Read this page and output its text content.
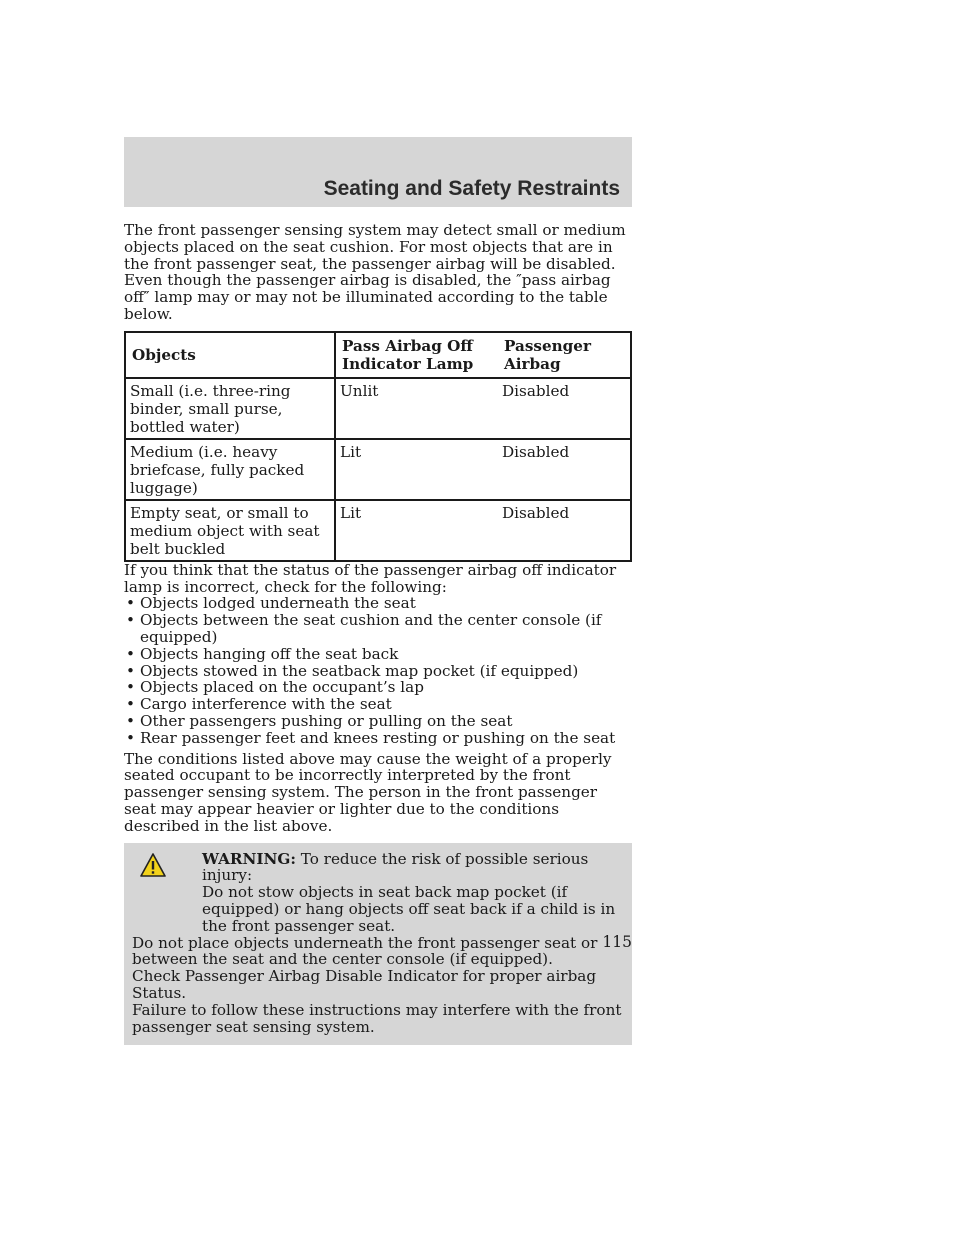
Seating and Safety Restraints

The front passenger sensing system may detect small or medium objects placed on the seat cushion. For most objects that are in the front passenger seat, the passenger airbag will be disabled. Even though the passenger airbag is disabled, the ″pass airbag off″ lamp may or may not be illuminated according to the table below.

Objects	Pass Airbag Off Indicator Lamp	Passenger Airbag
Small (i.e. three-ring binder, small purse, bottled water)	Unlit	Disabled
Medium (i.e. heavy briefcase, fully packed luggage)	Lit	Disabled
Empty seat, or small to medium object with seat belt buckled	Lit	Disabled

If you think that the status of the passenger airbag off indicator lamp is incorrect, check for the following:

• Objects lodged underneath the seat
• Objects between the seat cushion and the center console (if equipped)
• Objects hanging off the seat back
• Objects stowed in the seatback map pocket (if equipped)
• Objects placed on the occupant’s lap
• Cargo interference with the seat
• Other passengers pushing or pulling on the seat
• Rear passenger feet and knees resting or pushing on the seat

The conditions listed above may cause the weight of a properly seated occupant to be incorrectly interpreted by the front passenger sensing system. The person in the front passenger seat may appear heavier or lighter due to the conditions described in the list above.

WARNING: To reduce the risk of possible serious injury:
Do not stow objects in seat back map pocket (if equipped) or hang objects off seat back if a child is in the front passenger seat.
Do not place objects underneath the front passenger seat or between the seat and the center console (if equipped).
Check Passenger Airbag Disable Indicator for proper airbag Status.
Failure to follow these instructions may interfere with the front passenger seat sensing system.
115
